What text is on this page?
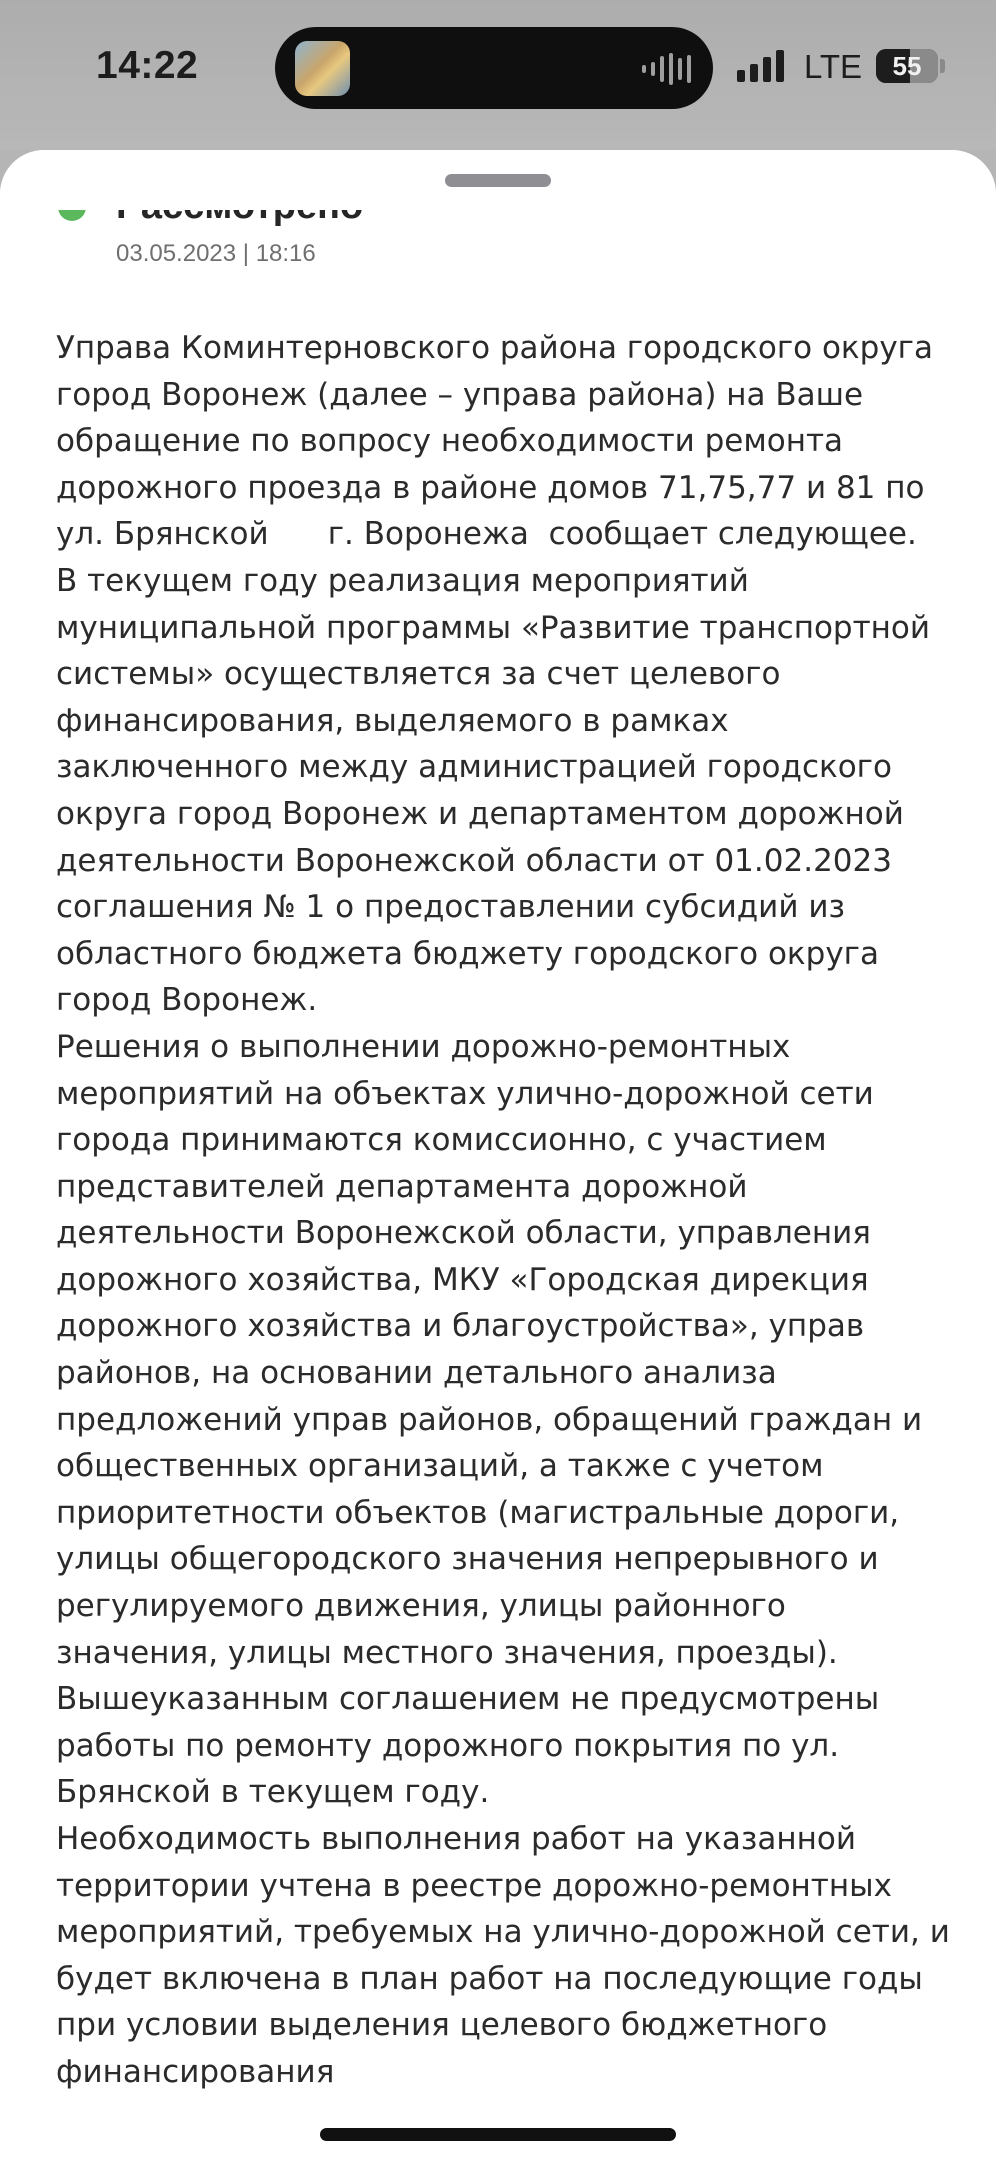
14:22	LTE	55
03.05.2023 | 18:16
Управа Коминтерновского района городского округа
город Воронеж (далее – управа района) на Ваше
обращение по вопросу необходимости ремонта
дорожного проезда в районе домов 71,75,77 и 81 по
ул. Брянской      г. Воронежа  сообщает следующее.
В текущем году реализация мероприятий
муниципальной программы «Развитие транспортной
системы» осуществляется за счет целевого
финансирования, выделяемого в рамках
заключенного между администрацией городского
округа город Воронеж и департаментом дорожной
деятельности Воронежской области от 01.02.2023
соглашения № 1 о предоставлении субсидий из
областного бюджета бюджету городского округа
город Воронеж.
Решения о выполнении дорожно-ремонтных
мероприятий на объектах улично-дорожной сети
города принимаются комиссионно, с участием
представителей департамента дорожной
деятельности Воронежской области, управления
дорожного хозяйства, МКУ «Городская дирекция
дорожного хозяйства и благоустройства», управ
районов, на основании детального анализа
предложений управ районов, обращений граждан и
общественных организаций, а также с учетом
приоритетности объектов (магистральные дороги,
улицы общегородского значения непрерывного и
регулируемого движения, улицы районного
значения, улицы местного значения, проезды).
Вышеуказанным соглашением не предусмотрены
работы по ремонту дорожного покрытия по ул.
Брянской в текущем году.
Необходимость выполнения работ на указанной
территории учтена в реестре дорожно-ремонтных
мероприятий, требуемых на улично-дорожной сети, и
будет включена в план работ на последующие годы
при условии выделения целевого бюджетного
финансирования
